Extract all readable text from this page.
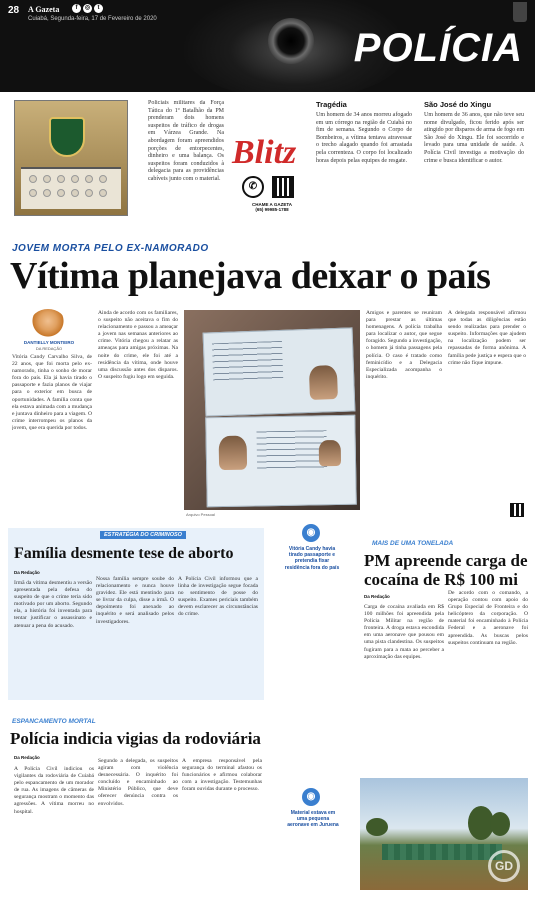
28 A Gazeta	f	◎	t
Cuiabá, Segunda-feira, 17 de Fevereiro de 2020
POLÍCIA
Policiais militares da Força Tática do 1º Batalhão da PM prenderam dois homens suspeitos de tráfico de drogas em Várzea Grande. Na abordagem foram apreendidos porções de entorpecentes, dinheiro e uma balança. Os suspeitos foram conduzidos à delegacia para as providências cabíveis junto com o material.
Blitz
✆
CHAME A GAZETA
(65) 99985-1788
Tragédia
Um homem de 34 anos morreu afogado em um córrego na região de Cuiabá no fim de semana. Segundo o Corpo de Bombeiros, a vítima tentava atravessar o trecho alagado quando foi arrastada pela correnteza. O corpo foi localizado horas depois pelas equipes de resgate.
São José do Xingu
Um homem de 36 anos, que não teve seu nome divulgado, ficou ferido após ser atingido por disparos de arma de fogo em São José do Xingu. Ele foi socorrido e levado para uma unidade de saúde. A Polícia Civil investiga a motivação do crime e busca identificar o autor.
JOVEM MORTA PELO EX-NAMORADO
Vítima planejava deixar o país
DANTIELLY MONTEIRO
DA REDAÇÃO
Vitória Candy Carvalho Silva, de 22 anos, que foi morta pelo ex-namorado, tinha o sonho de morar fora do país. Ela já havia tirado o passaporte e fazia planos de viajar para o exterior em busca de oportunidades. A família conta que ela estava animada com a mudança e juntava dinheiro para a viagem. O crime interrompeu os planos da jovem, que era querida por todos.
Ainda de acordo com os familiares, o suspeito não aceitava o fim do relacionamento e passou a ameaçar a jovem nas semanas anteriores ao crime. Vitória chegou a relatar as ameaças para amigas próximas. Na noite do crime, ele foi até a residência da vítima, onde houve uma discussão antes dos disparos. O suspeito fugiu logo em seguida.
Arquivo Pessoal
Amigos e parentes se reuniram para prestar as últimas homenagens. A polícia trabalha para localizar o autor, que segue foragido. Segundo a investigação, o homem já tinha passagens pela polícia. O caso é tratado como feminicídio e a Delegacia Especializada acompanha o inquérito.
A delegada responsável afirmou que todas as diligências estão sendo realizadas para prender o suspeito. Informações que ajudem na localização podem ser repassadas de forma anônima. A família pede justiça e espera que o crime não fique impune.
ESTRATÉGIA DO CRIMINOSO
Família desmente tese de aborto
Da Redação
Irmã da vítima desmentiu a versão apresentada pela defesa do suspeito de que o crime teria sido motivado por um aborto. Segundo ela, a história foi inventada para tentar justificar o assassinato e atenuar a pena do acusado.
Nossa família sempre soube do relacionamento e nunca houve gravidez. Ele está mentindo para se livrar da culpa, disse a irmã. O depoimento foi anexado ao inquérito e será analisado pelos investigadores.
A Polícia Civil informou que a linha de investigação segue focada no sentimento de posse do suspeito. Exames periciais também devem esclarecer as circunstâncias do crime.
◉
Vitória Candy havia tirado passaporte e pretendia fixar residência fora do país
MAIS DE UMA TONELADA
PM apreende carga de cocaína de R$ 100 mi
Da Redação
Carga de cocaína avaliada em R$ 100 milhões foi apreendida pela Polícia Militar na região de fronteira. A droga estava escondida em uma aeronave que pousou em uma pista clandestina. Os suspeitos fugiram para a mata ao perceber a aproximação das equipes.
De acordo com o comando, a operação contou com apoio do Grupo Especial de Fronteira e do helicóptero da corporação. O material foi encaminhado à Polícia Federal e a aeronave foi apreendida. As buscas pelos suspeitos continuam na região.
◉
Material estava em uma pequena aeronave em Juruena
GD
ESPANCAMENTO MORTAL
Polícia indicia vigias da rodoviária
Da Redação
A Polícia Civil indiciou os vigilantes da rodoviária de Cuiabá pelo espancamento de um morador de rua. As imagens de câmeras de segurança mostram o momento das agressões. A vítima morreu no hospital.
Segundo a delegada, os suspeitos agiram com violência desnecessária. O inquérito foi concluído e encaminhado ao Ministério Público, que deve oferecer denúncia contra os envolvidos.
A empresa responsável pela segurança do terminal afastou os funcionários e afirmou colaborar com a investigação. Testemunhas foram ouvidas durante o processo.
